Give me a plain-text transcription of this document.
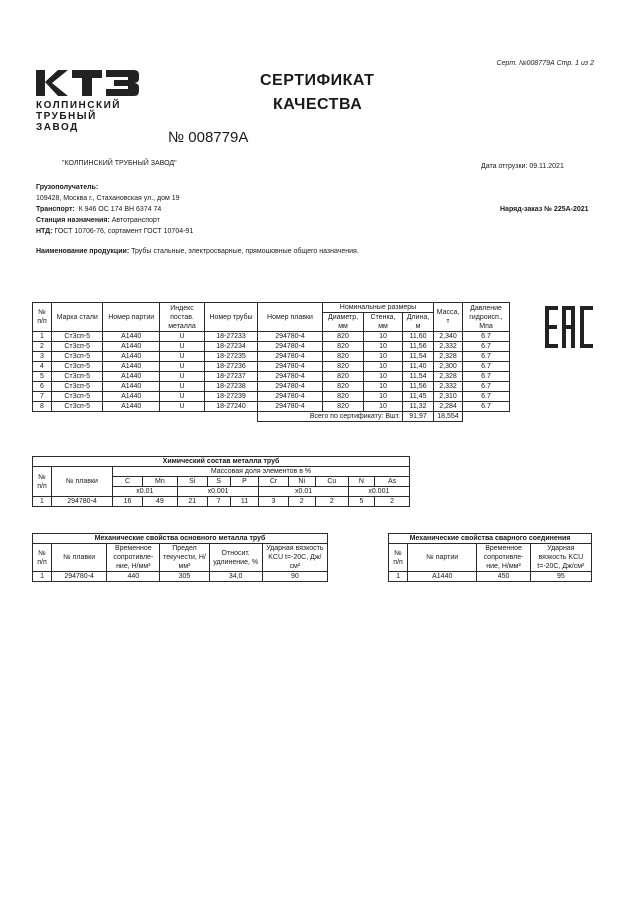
Серт. №008779А Стр. 1 из 2
КОЛПИНСКИЙ
ТРУБНЫЙ
ЗАВОД
СЕРТИФИКАТ
КАЧЕСТВА
№ 008779А
"КОЛПИНСКИЙ ТРУБНЫЙ ЗАВОД"	Дата отгрузки: 09.11.2021
Грузополучатель:
109428, Москва г., Стахановская ул., дом 19
Транспорт: К 946 ОС 174 ВН 6374 74
Станция назначения: Автотранспорт
НТД: ГОСТ 10706-76, сортамент ГОСТ 10704-91
Наряд-заказ № 225А-2021
Наименование продукции: Трубы стальные, электросварные, прямошовные общего назначения.
№ п/п	Марка стали	Номер партии	Индекс постав. металла	Номер трубы	Номер плавки	Номинальные размеры			Масса, т	Давление гидроисп., Мпа
						Диаметр, мм	Стенка, мм	Длина, м		
1	Ст3сп-5	А1440	U	18-27233	294780-4	820	10	11,60	2,340	6.7
2	Ст3сп-5	А1440	U	18-27234	294780-4	820	10	11,56	2,332	6.7
3	Ст3сп-5	А1440	U	18-27235	294780-4	820	10	11,54	2,328	6.7
4	Ст3сп-5	А1440	U	18-27236	294780-4	820	10	11,40	2,300	6.7
5	Ст3сп-5	А1440	U	18-27237	294780-4	820	10	11,54	2,328	6.7
6	Ст3сп-5	А1440	U	18-27238	294780-4	820	10	11,56	2,332	6.7
7	Ст3сп-5	А1440	U	18-27239	294780-4	820	10	11,45	2,310	6.7
8	Ст3сп-5	А1440	U	18-27240	294780-4	820	10	11,32	2,284	6.7
					Всего по сертификату: Вшт.			91,97	18,554	
Химический состав металла труб											
№ п/п	№ плавки	Массовая доля элементов в %									
		C	Mn	Si	S	P	Cr	Ni	Cu	N	As
		x0.01		x0.001			x0.01			x0.001	
1	294780-4	16	49	21	7	11	3	2	2	5	2
Механические свойства основного металла труб					
№ п/п	№ плавки	Временное сопротивле-ние, Н/мм²	Предел текучести, Н/мм²	Относит. удлинение, %	Ударная вязкость KCU t=-20C, Дж/см²
1	294780-4	440	305	34,0	90
Механические свойства сварного соединения			
№ п/п	№ партии	Временное сопротивле-ние, Н/мм²	Ударная вязкость KCU t=-20C, Дж/см²
1	А1440	450	95
